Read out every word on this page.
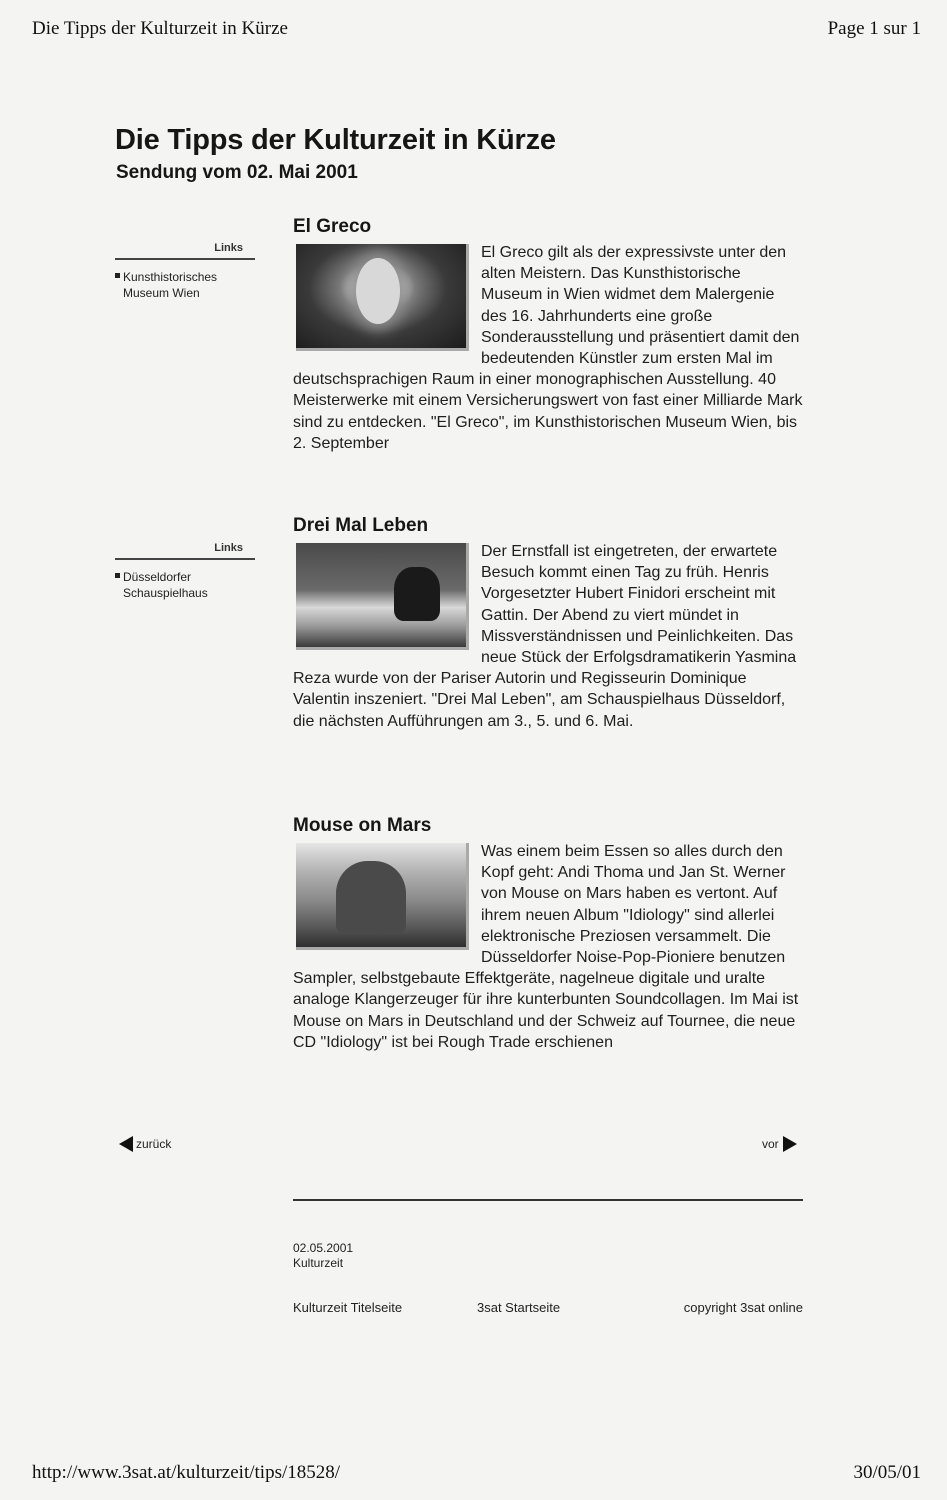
Die Tipps der Kulturzeit in Kürze	Page 1 sur 1
Die Tipps der Kulturzeit in Kürze
Sendung vom 02. Mai 2001
Links
Kunsthistorisches Museum Wien
Links
Düsseldorfer Schauspielhaus
El Greco

El Greco gilt als der expressivste unter den alten Meistern. Das Kunsthistorische Museum in Wien widmet dem Malergenie des 16. Jahrhunderts eine große Sonderausstellung und präsentiert damit den bedeutenden Künstler zum ersten Mal im deutschsprachigen Raum in einer monographischen Ausstellung. 40 Meisterwerke mit einem Versicherungswert von fast einer Milliarde Mark sind zu entdecken. "El Greco", im Kunsthistorischen Museum Wien, bis 2. September

Drei Mal Leben

Der Ernstfall ist eingetreten, der erwartete Besuch kommt einen Tag zu früh. Henris Vorgesetzter Hubert Finidori erscheint mit Gattin. Der Abend zu viert mündet in Missverständnissen und Peinlichkeiten. Das neue Stück der Erfolgsdramatikerin Yasmina Reza wurde von der Pariser Autorin und Regisseurin Dominique Valentin inszeniert. "Drei Mal Leben", am Schauspielhaus Düsseldorf, die nächsten Aufführungen am 3., 5. und 6. Mai.

Mouse on Mars

Was einem beim Essen so alles durch den Kopf geht: Andi Thoma und Jan St. Werner von Mouse on Mars haben es vertont. Auf ihrem neuen Album "Idiology" sind allerlei elektronische Preziosen versammelt. Die Düsseldorfer Noise-Pop-Pioniere benutzen Sampler, selbstgebaute Effektgeräte, nagelneue digitale und uralte analoge Klangerzeuger für ihre kunterbunten Soundcollagen. Im Mai ist Mouse on Mars in Deutschland und der Schweiz auf Tournee, die neue CD "Idiology" ist bei Rough Trade erschienen

zurück	vor
02.05.2001
Kulturzeit
Kulturzeit Titelseite	3sat Startseite	copyright 3sat online
http://www.3sat.at/kulturzeit/tips/18528/	30/05/01
